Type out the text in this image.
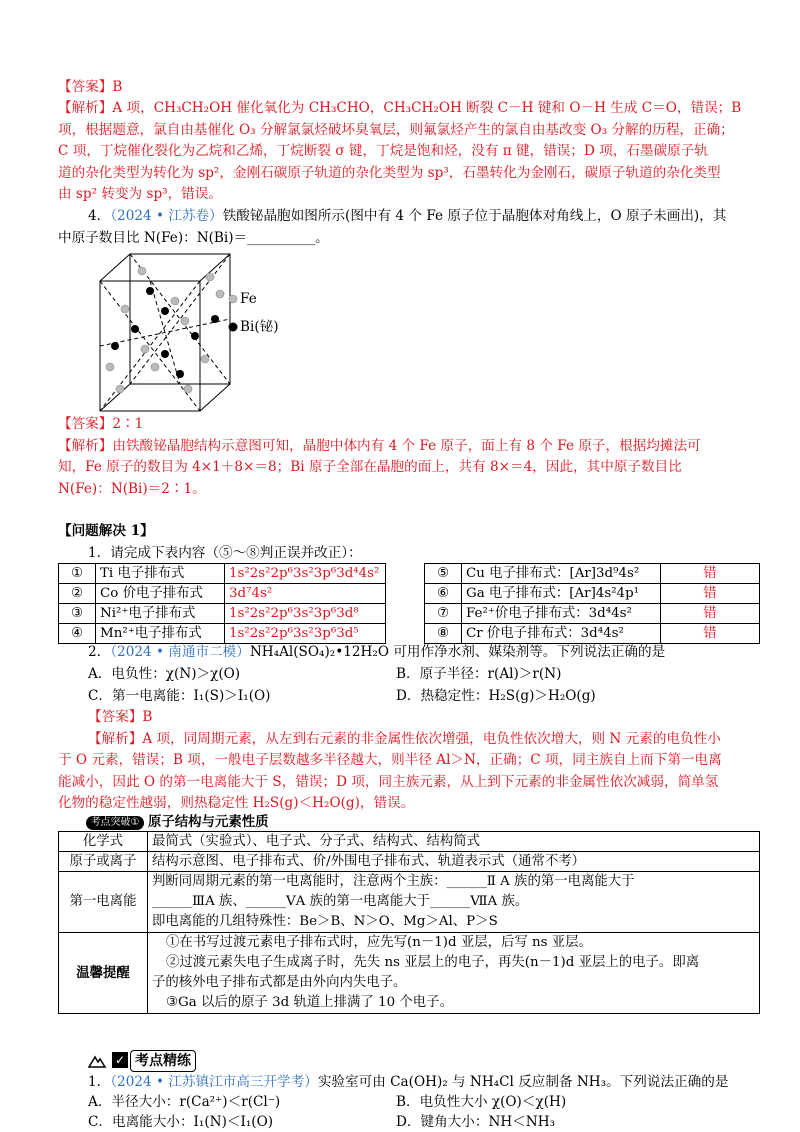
【答案】B
【解析】A 项，CH₃CH₂OH 催化氧化为 CH₃CHO，CH₃CH₂OH 断裂 C－H 键和 O－H 生成 C＝O，错误；B
项，根据题意，氯自由基催化 O₃ 分解氯氯烃破坏臭氧层，则氟氯烃产生的氯自由基改变 O₃ 分解的历程，正确；
C 项，丁烷催化裂化为乙烷和乙烯，丁烷断裂 σ 键，丁烷是饱和烃，没有 π 键，错误；D 项，石墨碳原子轨
道的杂化类型为转化为 sp²，金刚石碳原子轨道的杂化类型为 sp³，石墨转化为金刚石，碳原子轨道的杂化类型
由 sp² 转变为 sp³，错误。
4．（2024 • 江苏卷）铁酸铋晶胞如图所示(图中有 4 个 Fe 原子位于晶胞体对角线上，O 原子未画出)，其
中原子数目比 N(Fe)：N(Bi)＝__________。
Fe
Bi(铋)
【答案】2∶1
【解析】由铁酸铋晶胞结构示意图可知，晶胞中体内有 4 个 Fe 原子，面上有 8 个 Fe 原子，根据均摊法可
知，Fe 原子的数目为 4×1＋8×＝8；Bi 原子全部在晶胞的面上，共有 8×＝4，因此，其中原子数目比
N(Fe)：N(Bi)＝2∶1。
【问题解决 1】
1．请完成下表内容（⑤～⑧判正误并改正）：
①	Ti 电子排布式	1s²2s²2p⁶3s²3p⁶3d⁴4s²		⑤	Cu 电子排布式：[Ar]3d⁹4s²	错
②	Co 价电子排布式	3d⁷4s²		⑥	Ga 电子排布式：[Ar]4s²4p¹	错
③	Ni²⁺电子排布式	1s²2s²2p⁶3s²3p⁶3d⁸		⑦	Fe²⁺价电子排布式：3d⁴4s²	错
④	Mn²⁺电子排布式	1s²2s²2p⁶3s²3p⁶3d⁵		⑧	Cr 价电子排布式：3d⁴4s²	错
2．（2024 • 南通市二模）NH₄Al(SO₄)₂•12H₂O 可用作净水剂、媒染剂等。下列说法正确的是
A．电负性：χ(N)＞χ(O)	B．原子半径：r(Al)＞r(N)
C．第一电离能：I₁(S)＞I₁(O)	D．热稳定性：H₂S(g)＞H₂O(g)
【答案】B
【解析】A 项，同周期元素，从左到右元素的非金属性依次增强，电负性依次增大，则 N 元素的电负性小
于 O 元素，错误；B 项，一般电子层数越多半径越大，则半径 Al＞N，正确；C 项，同主族自上而下第一电离
能减小，因此 O 的第一电离能大于 S，错误；D 项，同主族元素，从上到下元素的非金属性依次减弱，简单氢
化物的稳定性越弱，则热稳定性 H₂S(g)＜H₂O(g)，错误。
考点突破① 原子结构与元素性质
化学式	最简式（实验式）、电子式、分子式、结构式、结构简式
原子或离子	结构示意图、电子排布式、价/外围电子排布式、轨道表示式（通常不考）
第一电离能	判断同周期元素的第一电离能时，注意两个主族：______Ⅱ A 族的第一电离能大于
______ⅢA 族、______ⅤA 族的第一电离能大于______ⅦA 族。
即电离能的几组特殊性：Be＞B、N＞O、Mg＞Al、P＞S

温馨提醒	①在书写过渡元素电子排布式时，应先写(n－1)d 亚层，后写 ns 亚层。
②过渡元素失电子生成离子时，先失 ns 亚层上的电子，再失(n－1)d 亚层上的电子。即离
子的核外电子排布式都是由外向内失电子。
③Ga 以后的原子 3d 轨道上排满了 10 个电子。
✓ 考点精练
1．（2024 • 江苏镇江市高三开学考）实验室可由 Ca(OH)₂ 与 NH₄Cl 反应制备 NH₃。下列说法正确的是
A．半径大小：r(Ca²⁺)＜r(Cl⁻)	B．电负性大小 χ(O)＜χ(H)
C．电离能大小：I₁(N)＜I₁(O)	D．键角大小：NH＜NH₃
